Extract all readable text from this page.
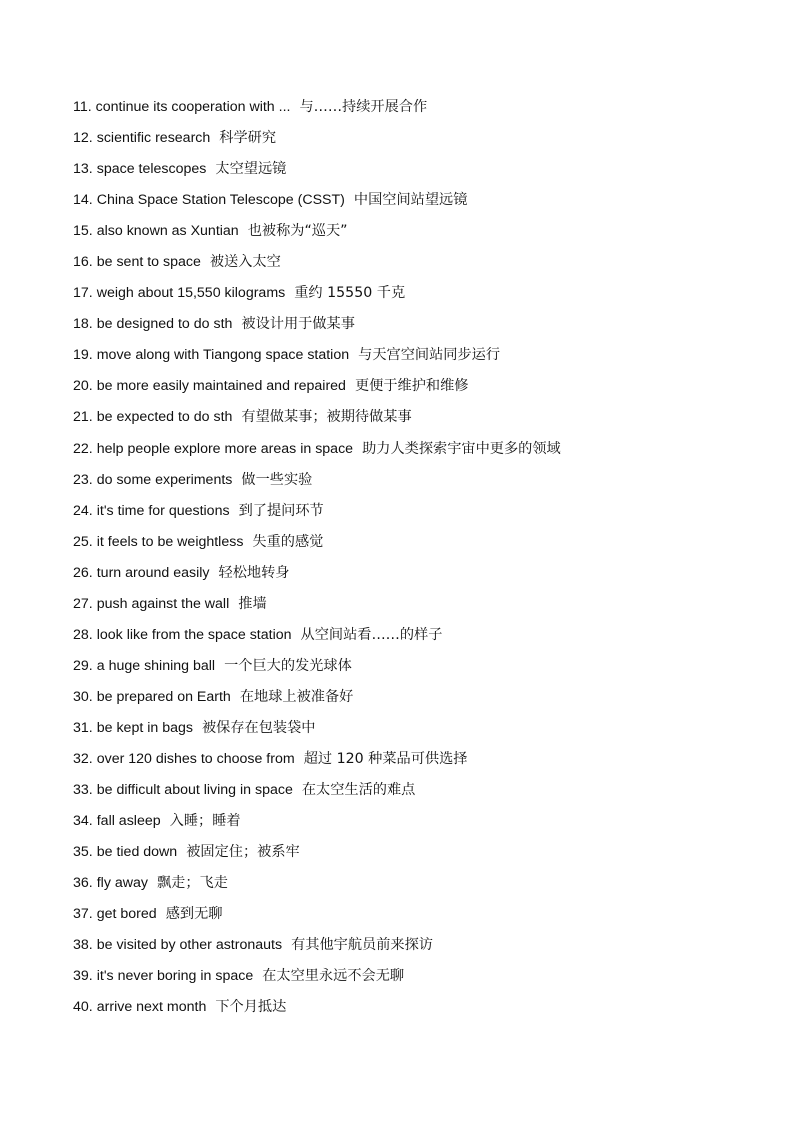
11. continue its cooperation with ... 与……持续开展合作
12. scientific research 科学研究
13. space telescopes 太空望远镜
14. China Space Station Telescope (CSST) 中国空间站望远镜
15. also known as Xuntian 也被称为“巡天”
16. be sent to space 被送入太空
17. weigh about 15,550 kilograms 重约 15550 千克
18. be designed to do sth 被设计用于做某事
19. move along with Tiangong space station 与天宫空间站同步运行
20. be more easily maintained and repaired 更便于维护和维修
21. be expected to do sth 有望做某事；被期待做某事
22. help people explore more areas in space 助力人类探索宇宙中更多的领域
23. do some experiments 做一些实验
24. it's time for questions 到了提问环节
25. it feels to be weightless 失重的感觉
26. turn around easily 轻松地转身
27. push against the wall 推墙
28. look like from the space station 从空间站看……的样子
29. a huge shining ball 一个巨大的发光球体
30. be prepared on Earth 在地球上被准备好
31. be kept in bags 被保存在包装袋中
32. over 120 dishes to choose from 超过 120 种菜品可供选择
33. be difficult about living in space 在太空生活的难点
34. fall asleep 入睡；睡着
35. be tied down 被固定住；被系牢
36. fly away 飘走；飞走
37. get bored 感到无聊
38. be visited by other astronauts 有其他宇航员前来探访
39. it's never boring in space 在太空里永远不会无聊
40. arrive next month 下个月抵达
